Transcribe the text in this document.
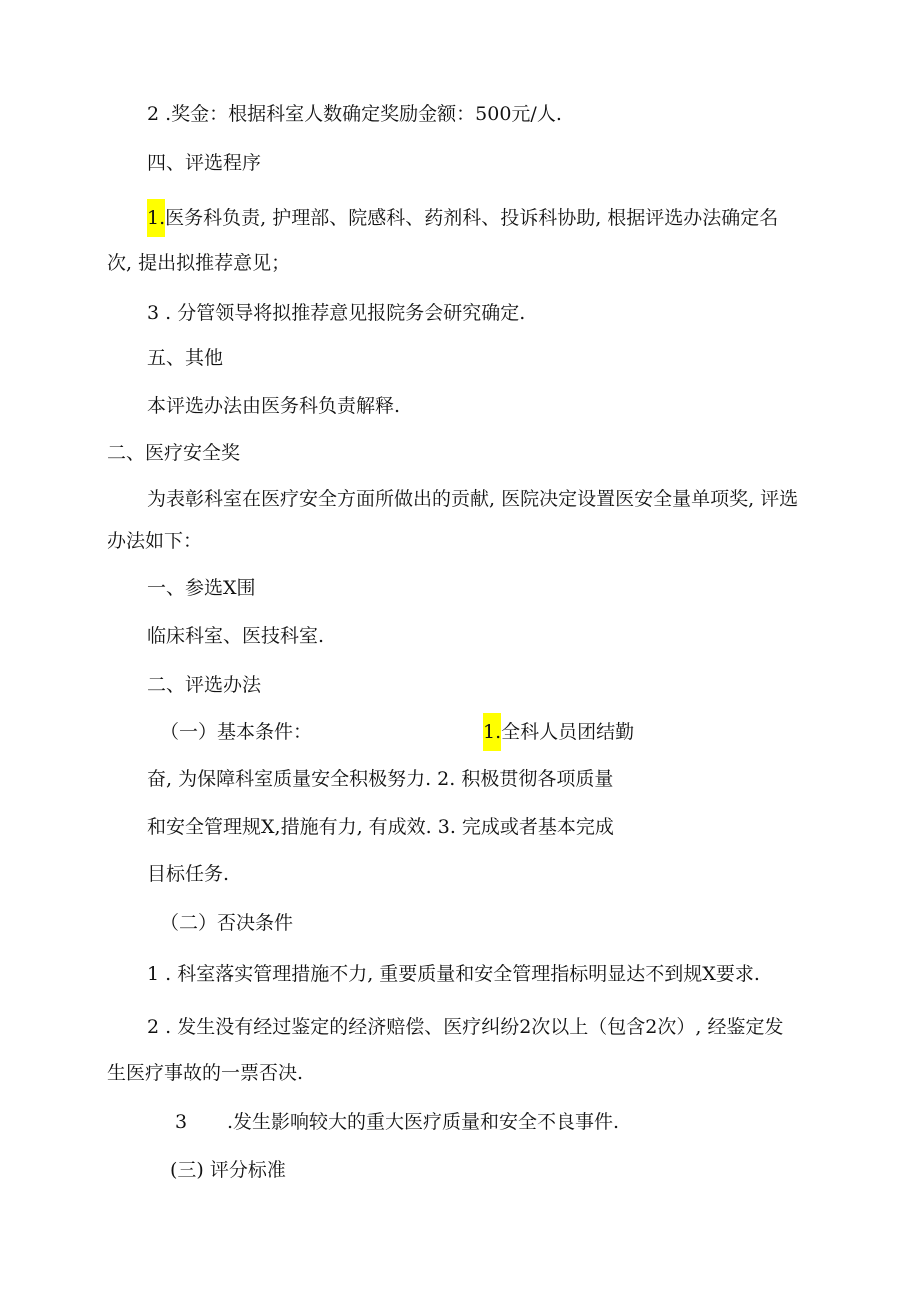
2 .奖金：根据科室人数确定奖励金额：500元/人.

四、评选程序

1.医务科负责, 护理部、院感科、药剂科、投诉科协助, 根据评选办法确定名

次, 提出拟推荐意见；

3 . 分管领导将拟推荐意见报院务会研究确定.

五、其他

本评选办法由医务科负责解释.

二、医疗安全奖

为表彰科室在医疗安全方面所做出的贡献, 医院决定设置医安全量单项奖, 评选

办法如下：

一、参选X围

临床科室、医技科室.

二、评选办法

（一）基本条件：	1.全科人员团结勤

奋, 为保障科室质量安全积极努力. 2. 积极贯彻各项质量

和安全管理规X,措施有力, 有成效. 3. 完成或者基本完成

目标任务.

（二）否决条件

1 . 科室落实管理措施不力, 重要质量和安全管理指标明显达不到规X要求.

2 . 发生没有经过鉴定的经济赔偿、医疗纠纷2次以上（包含2次）, 经鉴定发

生医疗事故的一票否决.

3 .发生影响较大的重大医疗质量和安全不良事件.

(三) 评分标准
